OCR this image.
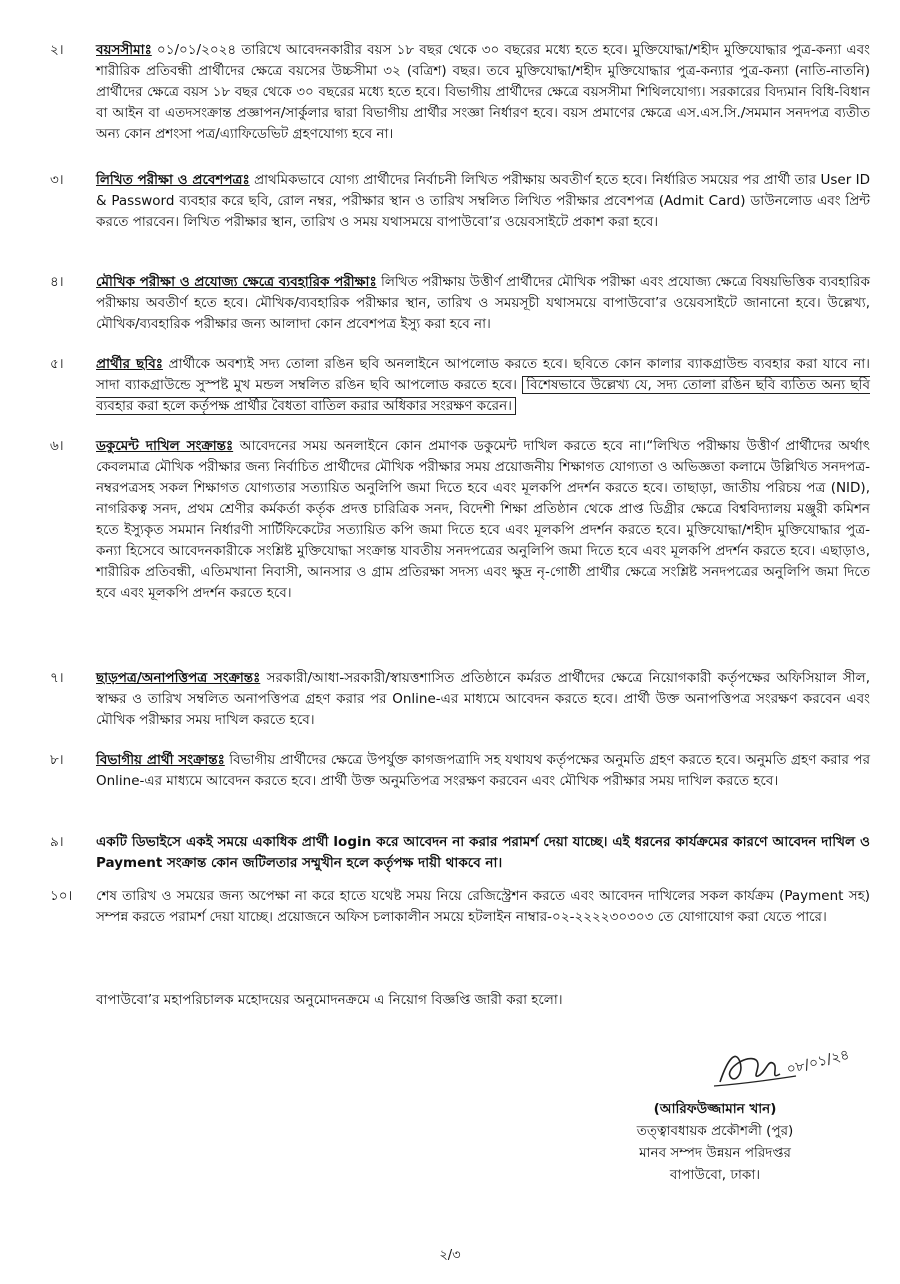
২।	বয়সসীমাঃ ০১/০১/২০২৪ তারিখে আবেদনকারীর বয়স ১৮ বছর থেকে ৩০ বছরের মধ্যে হতে হবে। মুক্তিযোদ্ধা/শহীদ মুক্তিযোদ্ধার পুত্র-কন্যা এবং শারীরিক প্রতিবন্ধী প্রার্থীদের ক্ষেত্রে বয়সের উচ্চসীমা ৩২ (বত্রিশ) বছর। তবে মুক্তিযোদ্ধা/শহীদ মুক্তিযোদ্ধার পুত্র-কন্যার পুত্র-কন্যা (নাতি-নাতনি) প্রার্থীদের ক্ষেত্রে বয়স ১৮ বছর থেকে ৩০ বছরের মধ্যে হতে হবে। বিভাগীয় প্রার্থীদের ক্ষেত্রে বয়সসীমা শিথিলযোগ্য। সরকারের বিদ্যমান বিধি-বিধান বা আইন বা এতদসংক্রান্ত প্রজ্ঞাপন/সার্কুলার দ্বারা বিভাগীয় প্রার্থীর সংজ্ঞা নির্ধারণ হবে। বয়স প্রমাণের ক্ষেত্রে এস.এস.সি./সমমান সনদপত্র ব্যতীত অন্য কোন প্রশংসা পত্র/এ্যাফিডেভিট গ্রহণযোগ্য হবে না।
৩।	লিখিত পরীক্ষা ও প্রবেশপত্রঃ প্রাথমিকভাবে যোগ্য প্রার্থীদের নির্বাচনী লিখিত পরীক্ষায় অবতীর্ণ হতে হবে। নির্ধারিত সময়ের পর প্রার্থী তার User ID & Password ব্যবহার করে ছবি, রোল নম্বর, পরীক্ষার স্থান ও তারিখ সম্বলিত লিখিত পরীক্ষার প্রবেশপত্র (Admit Card) ডাউনলোড এবং প্রিন্ট করতে পারবেন। লিখিত পরীক্ষার স্থান, তারিখ ও সময় যথাসময়ে বাপাউবো’র ওয়েবসাইটে প্রকাশ করা হবে।
৪।	মৌখিক পরীক্ষা ও প্রযোজ্য ক্ষেত্রে ব্যবহারিক পরীক্ষাঃ লিখিত পরীক্ষায় উত্তীর্ণ প্রার্থীদের মৌখিক পরীক্ষা এবং প্রযোজ্য ক্ষেত্রে বিষয়ভিত্তিক ব্যবহারিক পরীক্ষায় অবতীর্ণ হতে হবে। মৌখিক/ব্যবহারিক পরীক্ষার স্থান, তারিখ ও সময়সূচী যথাসময়ে বাপাউবো’র ওয়েবসাইটে জানানো হবে। উল্লেখ্য, মৌখিক/ব্যবহারিক পরীক্ষার জন্য আলাদা কোন প্রবেশপত্র ইস্যু করা হবে না।
৫।	প্রার্থীর ছবিঃ প্রার্থীকে অবশ্যই সদ্য তোলা রঙিন ছবি অনলাইনে আপলোড করতে হবে। ছবিতে কোন কালার ব্যাকগ্রাউন্ড ব্যবহার করা যাবে না। সাদা ব্যাকগ্রাউন্ডে সুস্পষ্ট মুখ মন্ডল সম্বলিত রঙিন ছবি আপলোড করতে হবে। বিশেষভাবে উল্লেখ্য যে, সদ্য তোলা রঙিন ছবি ব্যতিত অন্য ছবি ব্যবহার করা হলে কর্তৃপক্ষ প্রার্থীর বৈধতা বাতিল করার অধিকার সংরক্ষণ করেন।
৬।	ডকুমেন্ট দাখিল সংক্রান্তঃ আবেদনের সময় অনলাইনে কোন প্রমাণক ডকুমেন্ট দাখিল করতে হবে না।“লিখিত পরীক্ষায় উত্তীর্ণ প্রার্থীদের অর্থাৎ কেবলমাত্র মৌখিক পরীক্ষার জন্য নির্বাচিত প্রার্থীদের মৌখিক পরীক্ষার সময় প্রয়োজনীয় শিক্ষাগত যোগ্যতা ও অভিজ্ঞতা কলামে উল্লিখিত সনদপত্র-নম্বরপত্রসহ সকল শিক্ষাগত যোগ্যতার সত্যায়িত অনুলিপি জমা দিতে হবে এবং মূলকপি প্রদর্শন করতে হবে। তাছাড়া, জাতীয় পরিচয় পত্র (NID), নাগরিকত্ব সনদ, প্রথম শ্রেণীর কর্মকর্তা কর্তৃক প্রদত্ত চারিত্রিক সনদ, বিদেশী শিক্ষা প্রতিষ্ঠান থেকে প্রাপ্ত ডিগ্রীর ক্ষেত্রে বিশ্ববিদ্যালয় মঞ্জুরী কমিশন হতে ইস্যুকৃত সমমান নির্ধারণী সার্টিফিকেটের সত্যায়িত কপি জমা দিতে হবে এবং মূলকপি প্রদর্শন করতে হবে। মুক্তিযোদ্ধা/শহীদ মুক্তিযোদ্ধার পুত্র-কন্যা হিসেবে আবেদনকারীকে সংশ্লিষ্ট মুক্তিযোদ্ধা সংক্রান্ত যাবতীয় সনদপত্রের অনুলিপি জমা দিতে হবে এবং মূলকপি প্রদর্শন করতে হবে। এছাড়াও, শারীরিক প্রতিবন্ধী, এতিমখানা নিবাসী, আনসার ও গ্রাম প্রতিরক্ষা সদস্য এবং ক্ষুদ্র নৃ-গোষ্ঠী প্রার্থীর ক্ষেত্রে সংশ্লিষ্ট সনদপত্রের অনুলিপি জমা দিতে হবে এবং মূলকপি প্রদর্শন করতে হবে।
৭।	ছাড়পত্র/অনাপত্তিপত্র সংক্রান্তঃ সরকারী/আধা-সরকারী/স্বায়ত্তশাসিত প্রতিষ্ঠানে কর্মরত প্রার্থীদের ক্ষেত্রে নিয়োগকারী কর্তৃপক্ষের অফিসিয়াল সীল, স্বাক্ষর ও তারিখ সম্বলিত অনাপত্তিপত্র গ্রহণ করার পর Online-এর মাধ্যমে আবেদন করতে হবে। প্রার্থী উক্ত অনাপত্তিপত্র সংরক্ষণ করবেন এবং মৌখিক পরীক্ষার সময় দাখিল করতে হবে।
৮।	বিভাগীয় প্রার্থী সংক্রান্তঃ বিভাগীয় প্রার্থীদের ক্ষেত্রে উপর্যুক্ত কাগজপত্রাদি সহ যথাযথ কর্তৃপক্ষের অনুমতি গ্রহণ করতে হবে। অনুমতি গ্রহণ করার পর Online-এর মাধ্যমে আবেদন করতে হবে। প্রার্থী উক্ত অনুমতিপত্র সংরক্ষণ করবেন এবং মৌখিক পরীক্ষার সময় দাখিল করতে হবে।
৯।	একটি ডিভাইসে একই সময়ে একাধিক প্রার্থী login করে আবেদন না করার পরামর্শ দেয়া যাচ্ছে। এই ধরনের কার্যক্রমের কারণে আবেদন দাখিল ও Payment সংক্রান্ত কোন জটিলতার সম্মুখীন হলে কর্তৃপক্ষ দায়ী থাকবে না।
১০।	শেষ তারিখ ও সময়ের জন্য অপেক্ষা না করে হাতে যথেষ্ট সময় নিয়ে রেজিস্ট্রেশন করতে এবং আবেদন দাখিলের সকল কার্যক্রম (Payment সহ) সম্পন্ন করতে পরামর্শ দেয়া যাচ্ছে। প্রয়োজনে অফিস চলাকালীন সময়ে হটলাইন নাম্বার-০২-২২২২৩০৩০৩ তে যোগাযোগ করা যেতে পারে।
বাপাউবো’র মহাপরিচালক মহোদয়ের অনুমোদনক্রমে এ নিয়োগ বিজ্ঞপ্তি জারী করা হলো।
০৮/০১/২৪
(আরিফউজ্জামান খান)
তত্ত্বাবধায়ক প্রকৌশলী (পুর)
মানব সম্পদ উন্নয়ন পরিদপ্তর
বাপাউবো, ঢাকা।
২/৩
